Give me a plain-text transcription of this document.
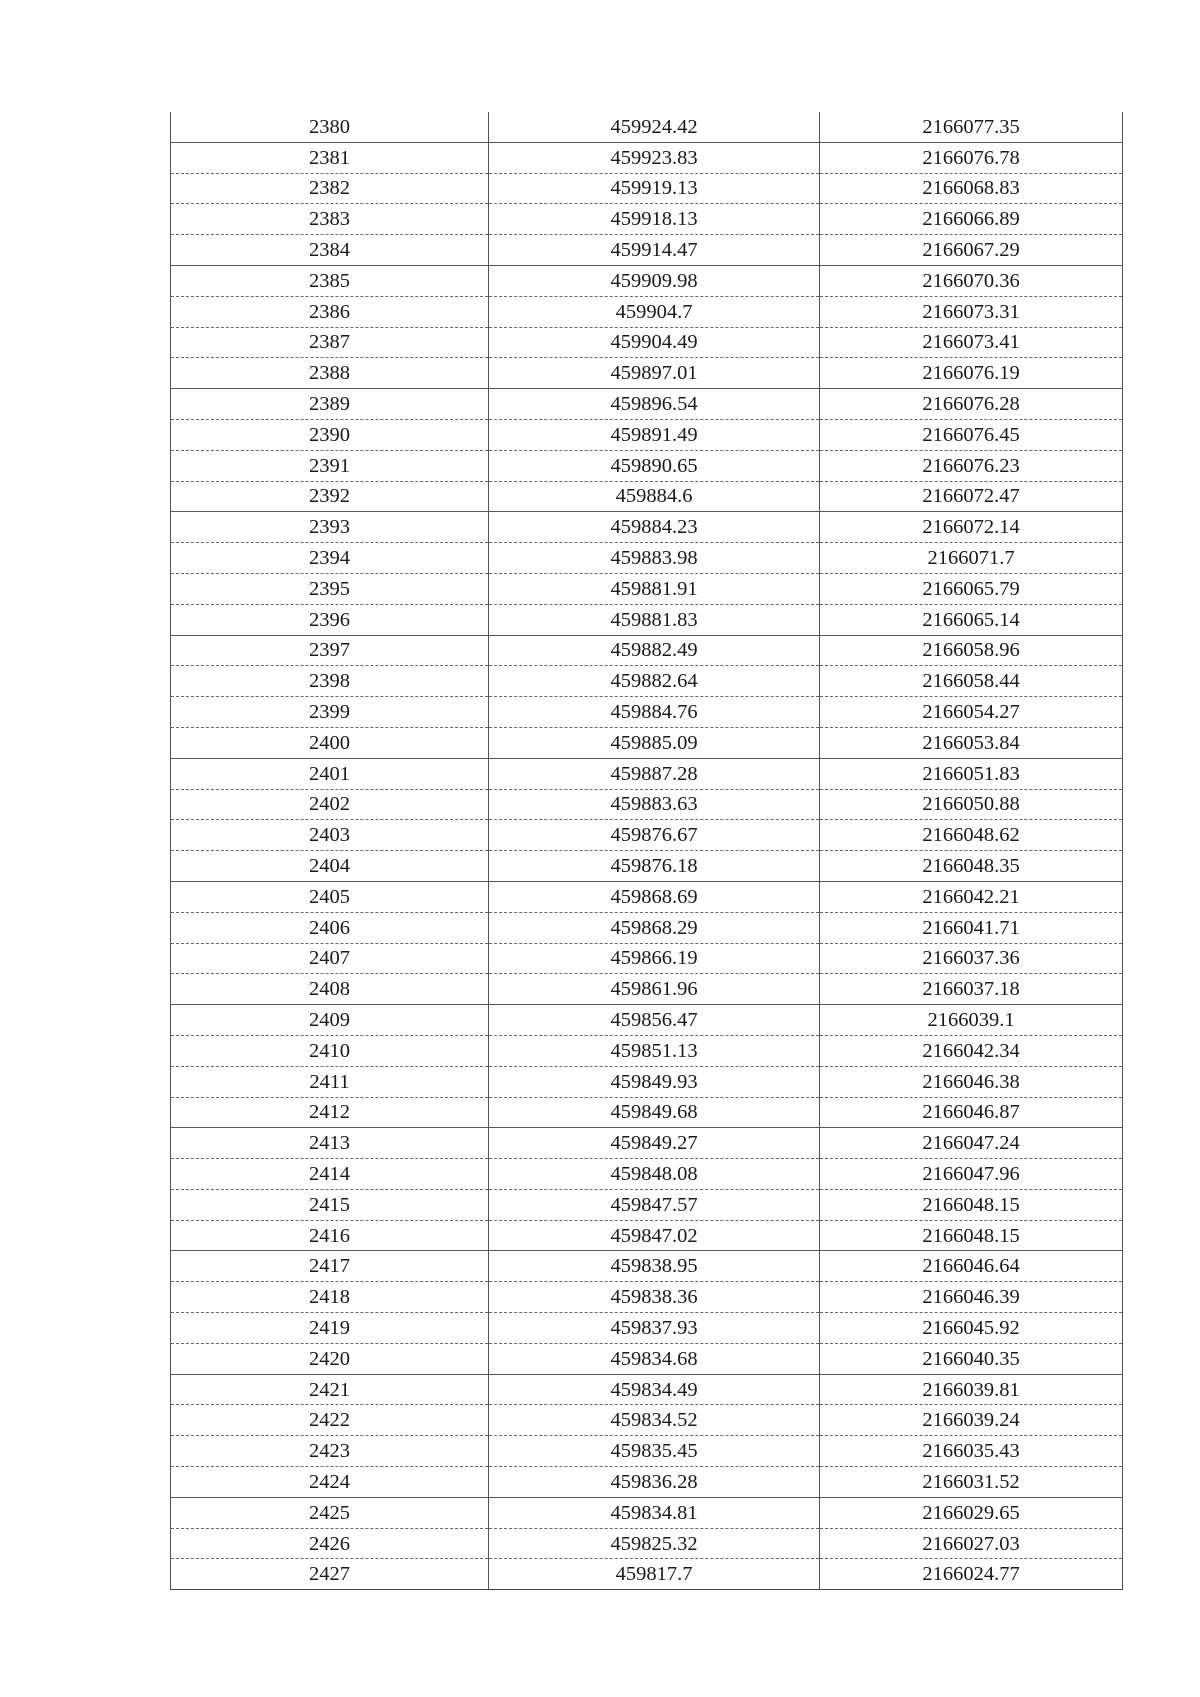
2380	459924.42	2166077.35
2381	459923.83	2166076.78
2382	459919.13	2166068.83
2383	459918.13	2166066.89
2384	459914.47	2166067.29
2385	459909.98	2166070.36
2386	459904.7	2166073.31
2387	459904.49	2166073.41
2388	459897.01	2166076.19
2389	459896.54	2166076.28
2390	459891.49	2166076.45
2391	459890.65	2166076.23
2392	459884.6	2166072.47
2393	459884.23	2166072.14
2394	459883.98	2166071.7
2395	459881.91	2166065.79
2396	459881.83	2166065.14
2397	459882.49	2166058.96
2398	459882.64	2166058.44
2399	459884.76	2166054.27
2400	459885.09	2166053.84
2401	459887.28	2166051.83
2402	459883.63	2166050.88
2403	459876.67	2166048.62
2404	459876.18	2166048.35
2405	459868.69	2166042.21
2406	459868.29	2166041.71
2407	459866.19	2166037.36
2408	459861.96	2166037.18
2409	459856.47	2166039.1
2410	459851.13	2166042.34
2411	459849.93	2166046.38
2412	459849.68	2166046.87
2413	459849.27	2166047.24
2414	459848.08	2166047.96
2415	459847.57	2166048.15
2416	459847.02	2166048.15
2417	459838.95	2166046.64
2418	459838.36	2166046.39
2419	459837.93	2166045.92
2420	459834.68	2166040.35
2421	459834.49	2166039.81
2422	459834.52	2166039.24
2423	459835.45	2166035.43
2424	459836.28	2166031.52
2425	459834.81	2166029.65
2426	459825.32	2166027.03
2427	459817.7	2166024.77
